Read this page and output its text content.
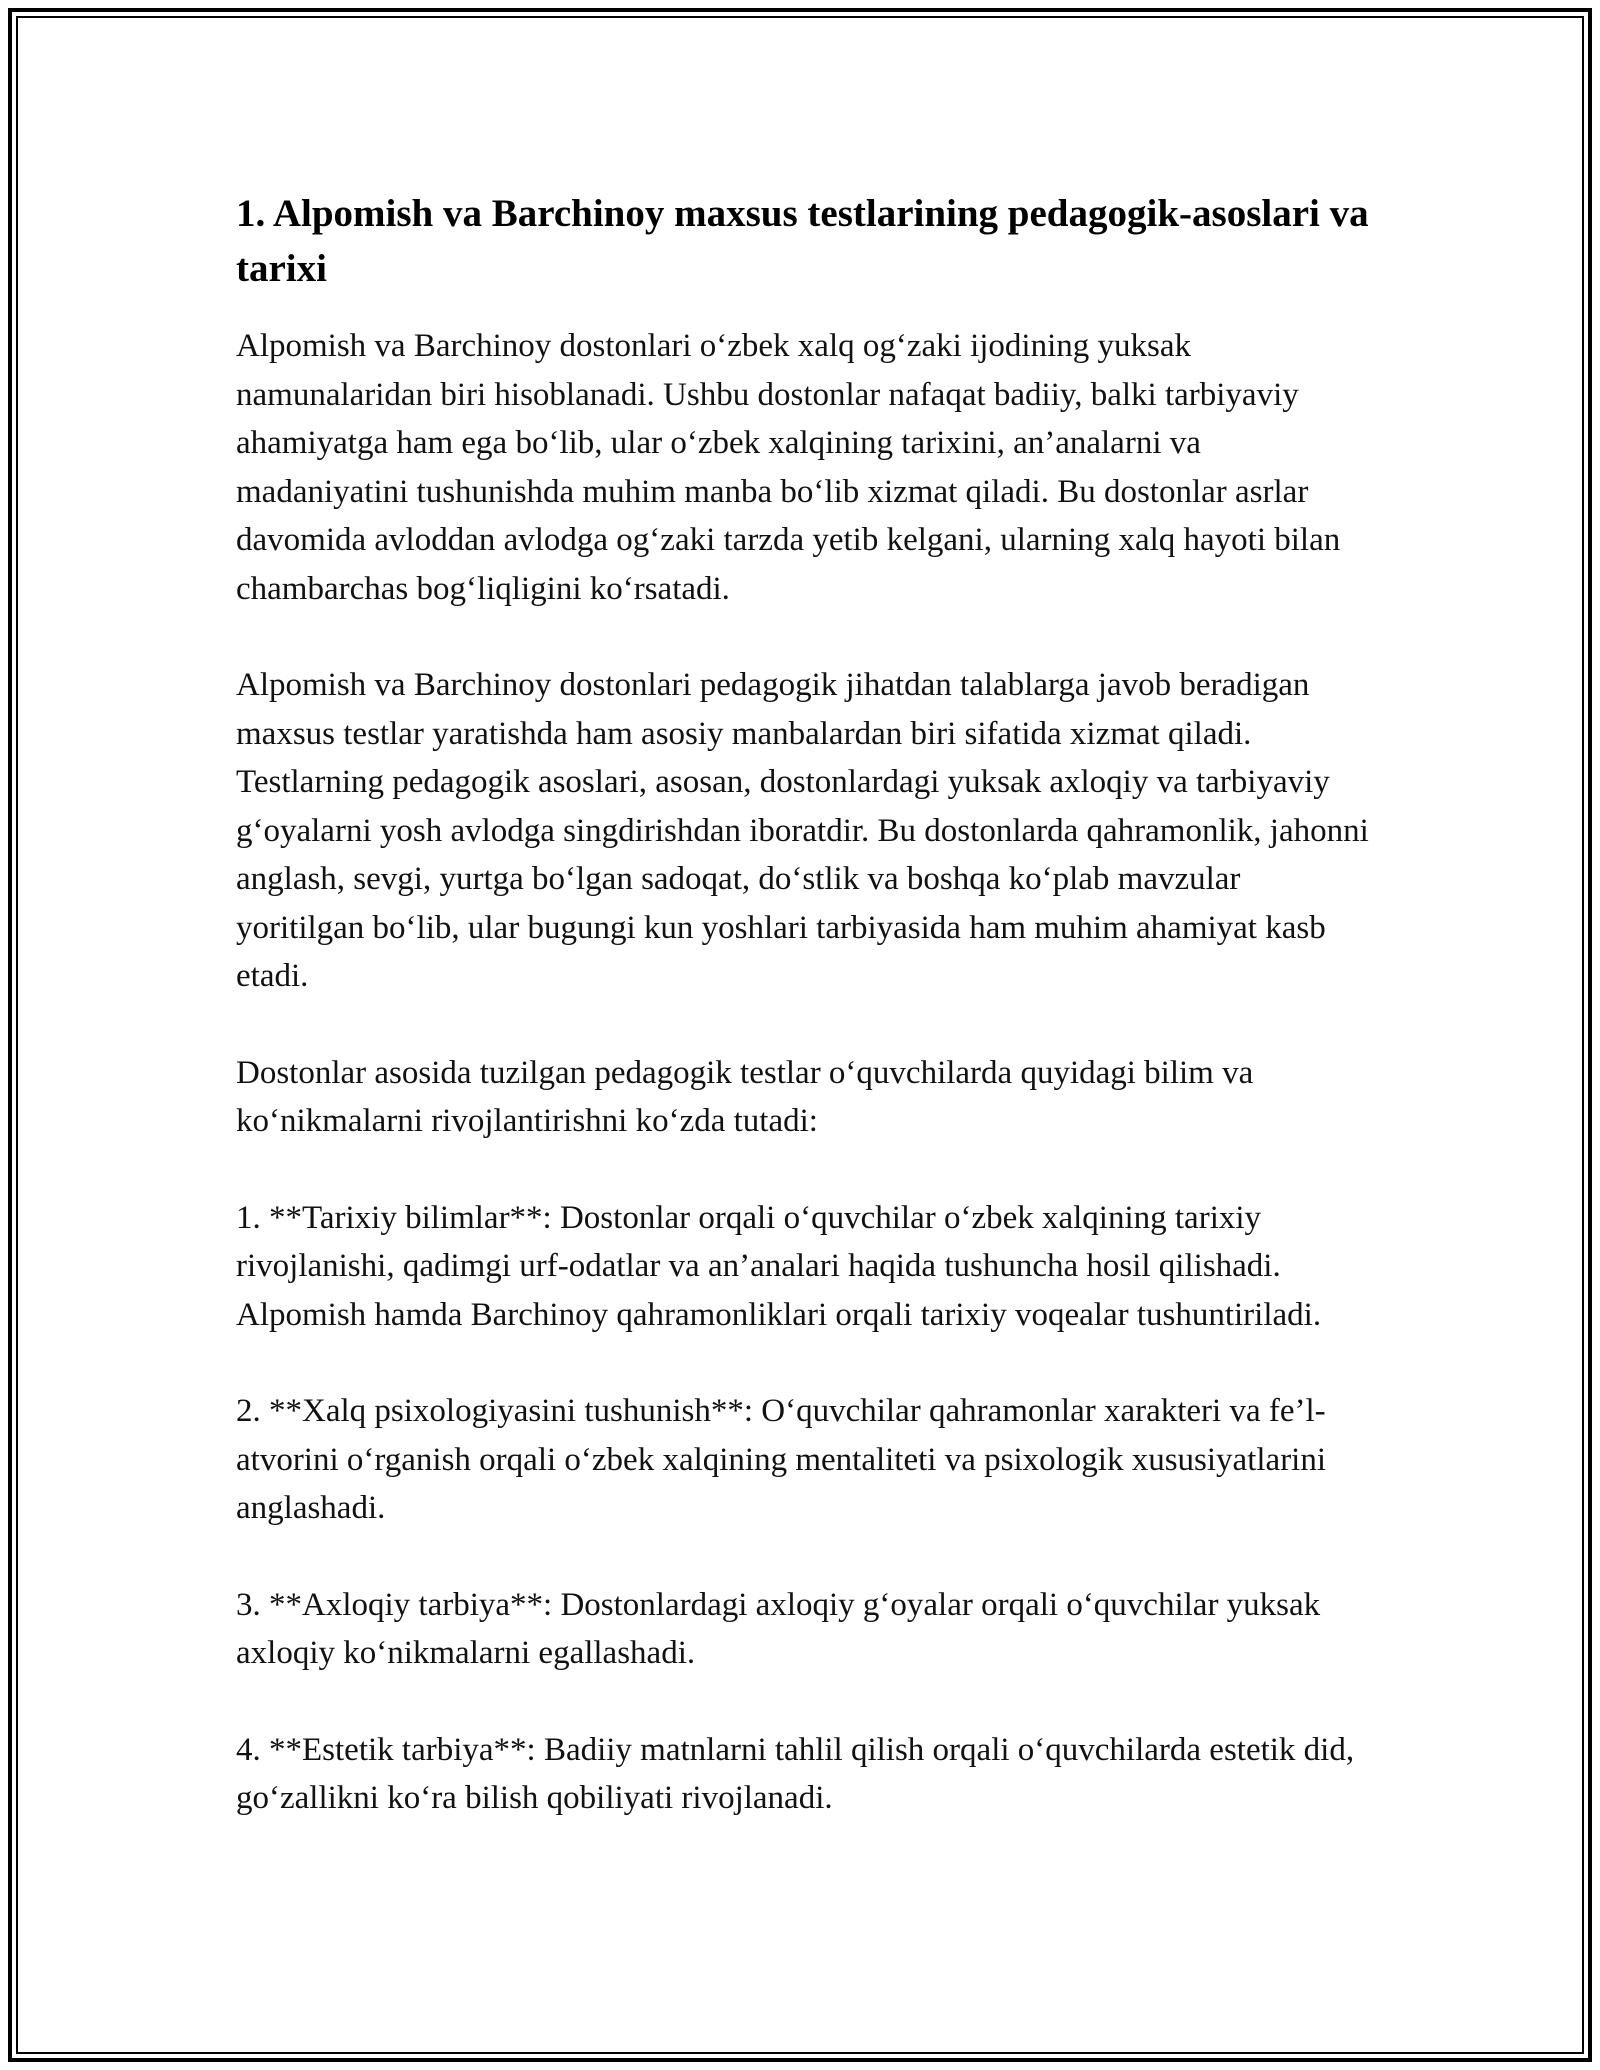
1. Alpomish va Barchinoy maxsus testlarining pedagogik-asoslari va tarixi

Alpomish va Barchinoy dostonlari o‘zbek xalq og‘zaki ijodining yuksak namunalaridan biri hisoblanadi. Ushbu dostonlar nafaqat badiiy, balki tarbiyaviy ahamiyatga ham ega bo‘lib, ular o‘zbek xalqining tarixini, an’analarni va madaniyatini tushunishda muhim manba bo‘lib xizmat qiladi. Bu dostonlar asrlar davomida avloddan avlodga og‘zaki tarzda yetib kelgani, ularning xalq hayoti bilan chambarchas bog‘liqligini ko‘rsatadi.

Alpomish va Barchinoy dostonlari pedagogik jihatdan talablarga javob beradigan maxsus testlar yaratishda ham asosiy manbalardan biri sifatida xizmat qiladi. Testlarning pedagogik asoslari, asosan, dostonlardagi yuksak axloqiy va tarbiyaviy g‘oyalarni yosh avlodga singdirishdan iboratdir. Bu dostonlarda qahramonlik, jahonni anglash, sevgi, yurtga bo‘lgan sadoqat, do‘stlik va boshqa ko‘plab mavzular yoritilgan bo‘lib, ular bugungi kun yoshlari tarbiyasida ham muhim ahamiyat kasb etadi.

Dostonlar asosida tuzilgan pedagogik testlar o‘quvchilarda quyidagi bilim va ko‘nikmalarni rivojlantirishni ko‘zda tutadi:

1. **Tarixiy bilimlar**: Dostonlar orqali o‘quvchilar o‘zbek xalqining tarixiy rivojlanishi, qadimgi urf-odatlar va an’analari haqida tushuncha hosil qilishadi. Alpomish hamda Barchinoy qahramonliklari orqali tarixiy voqealar tushuntiriladi.

2. **Xalq psixologiyasini tushunish**: O‘quvchilar qahramonlar xarakteri va fe’l-atvorini o‘rganish orqali o‘zbek xalqining mentaliteti va psixologik xususiyatlarini anglashadi.

3. **Axloqiy tarbiya**: Dostonlardagi axloqiy g‘oyalar orqali o‘quvchilar yuksak axloqiy ko‘nikmalarni egallashadi.

4. **Estetik tarbiya**: Badiiy matnlarni tahlil qilish orqali o‘quvchilarda estetik did, go‘zallikni ko‘ra bilish qobiliyati rivojlanadi.
